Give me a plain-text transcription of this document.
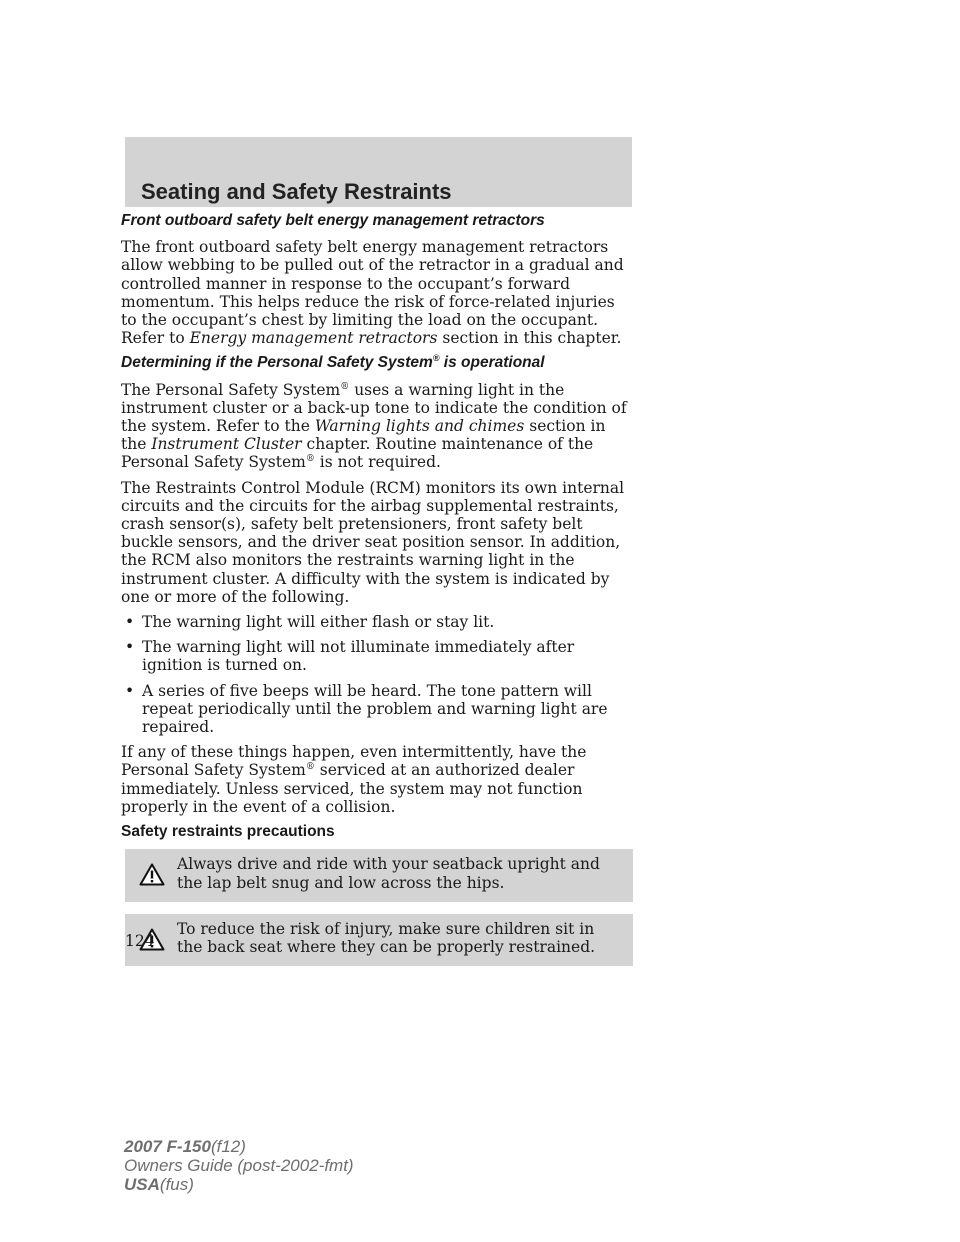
Seating and Safety Restraints
Front outboard safety belt energy management retractors

The front outboard safety belt energy management retractors allow webbing to be pulled out of the retractor in a gradual and controlled manner in response to the occupant’s forward momentum. This helps reduce the risk of force-related injuries to the occupant’s chest by limiting the load on the occupant. Refer to Energy management retractors section in this chapter.

Determining if the Personal Safety System® is operational

The Personal Safety System® uses a warning light in the instrument cluster or a back-up tone to indicate the condition of the system. Refer to the Warning lights and chimes section in the Instrument Cluster chapter. Routine maintenance of the Personal Safety System® is not required.

The Restraints Control Module (RCM) monitors its own internal circuits and the circuits for the airbag supplemental restraints, crash sensor(s), safety belt pretensioners, front safety belt buckle sensors, and the driver seat position sensor. In addition, the RCM also monitors the restraints warning light in the instrument cluster. A difficulty with the system is indicated by one or more of the following.

• The warning light will either flash or stay lit.
• The warning light will not illuminate immediately after ignition is turned on.
• A series of five beeps will be heard. The tone pattern will repeat periodically until the problem and warning light are repaired.

If any of these things happen, even intermittently, have the Personal Safety System® serviced at an authorized dealer immediately. Unless serviced, the system may not function properly in the event of a collision.

Safety restraints precautions
Always drive and ride with your seatback upright and the lap belt snug and low across the hips.
To reduce the risk of injury, make sure children sit in the back seat where they can be properly restrained.
124
2007 F-150(f12)
Owners Guide (post-2002-fmt)
USA(fus)
